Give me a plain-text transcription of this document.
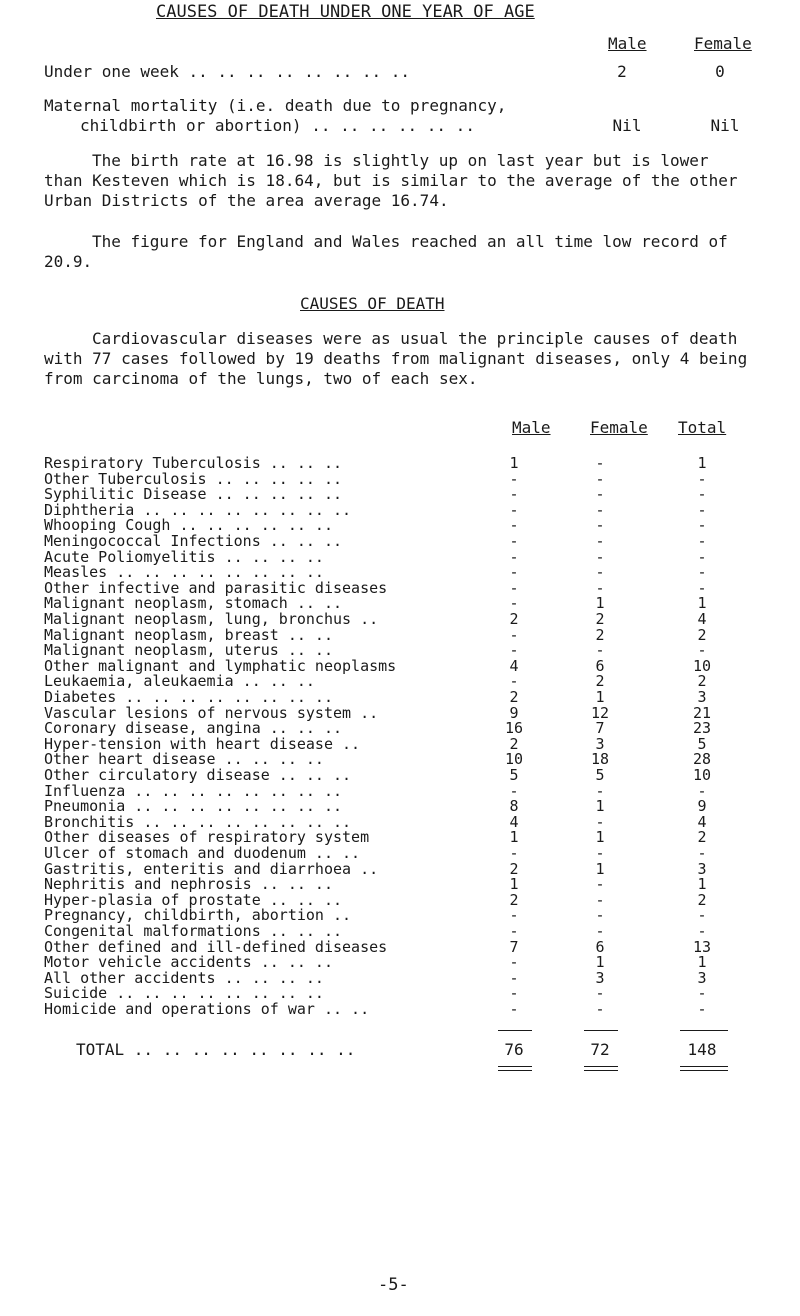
CAUSES OF DEATH UNDER ONE YEAR OF AGE
Male	Female
Under one week .. .. .. .. .. .. .. ..	2	0
Maternal mortality (i.e. death due to pregnancy,
childbirth or abortion) .. .. .. .. .. ..	Nil	Nil
The birth rate at 16.98 is slightly up on last year but is lower than Kesteven which is 18.64, but is similar to the average of the other Urban Districts of the area average 16.74.
The figure for England and Wales reached an all time low record of 20.9.
CAUSES OF DEATH
Cardiovascular diseases were as usual the principle causes of death with 77 cases followed by 19 deaths from malignant diseases, only 4 being from carcinoma of the lungs, two of each sex.
Male Female Total
Respiratory Tuberculosis .. .. ..	1	-	1
Other Tuberculosis .. .. .. .. ..	-	-	-
Syphilitic Disease .. .. .. .. ..	-	-	-
Diphtheria .. .. .. .. .. .. .. ..	-	-	-
Whooping Cough .. .. .. .. .. ..	-	-	-
Meningococcal Infections .. .. ..	-	-	-
Acute Poliomyelitis .. .. .. ..	-	-	-
Measles .. .. .. .. .. .. .. ..	-	-	-
Other infective and parasitic diseases	-	-	-
Malignant neoplasm, stomach .. ..	-	1	1
Malignant neoplasm, lung, bronchus ..	2	2	4
Malignant neoplasm, breast .. ..	-	2	2
Malignant neoplasm, uterus .. ..	-	-	-
Other malignant and lymphatic neoplasms	4	6	10
Leukaemia, aleukaemia .. .. ..	-	2	2
Diabetes .. .. .. .. .. .. .. ..	2	1	3
Vascular lesions of nervous system ..	9	12	21
Coronary disease, angina .. .. ..	16	7	23
Hyper-tension with heart disease ..	2	3	5
Other heart disease .. .. .. ..	10	18	28
Other circulatory disease .. .. ..	5	5	10
Influenza .. .. .. .. .. .. .. ..	-	-	-
Pneumonia .. .. .. .. .. .. .. ..	8	1	9
Bronchitis .. .. .. .. .. .. .. ..	4	-	4
Other diseases of respiratory system	1	1	2
Ulcer of stomach and duodenum .. ..	-	-	-
Gastritis, enteritis and diarrhoea ..	2	1	3
Nephritis and nephrosis .. .. ..	1	-	1
Hyper-plasia of prostate .. .. ..	2	-	2
Pregnancy, childbirth, abortion ..	-	-	-
Congenital malformations .. .. ..	-	-	-
Other defined and ill-defined diseases	7	6	13
Motor vehicle accidents .. .. ..	-	1	1
All other accidents .. .. .. ..	-	3	3
Suicide .. .. .. .. .. .. .. ..	-	-	-
Homicide and operations of war .. ..	-	-	-
TOTAL .. .. .. .. .. .. .. ..	76	72	148
-5-
